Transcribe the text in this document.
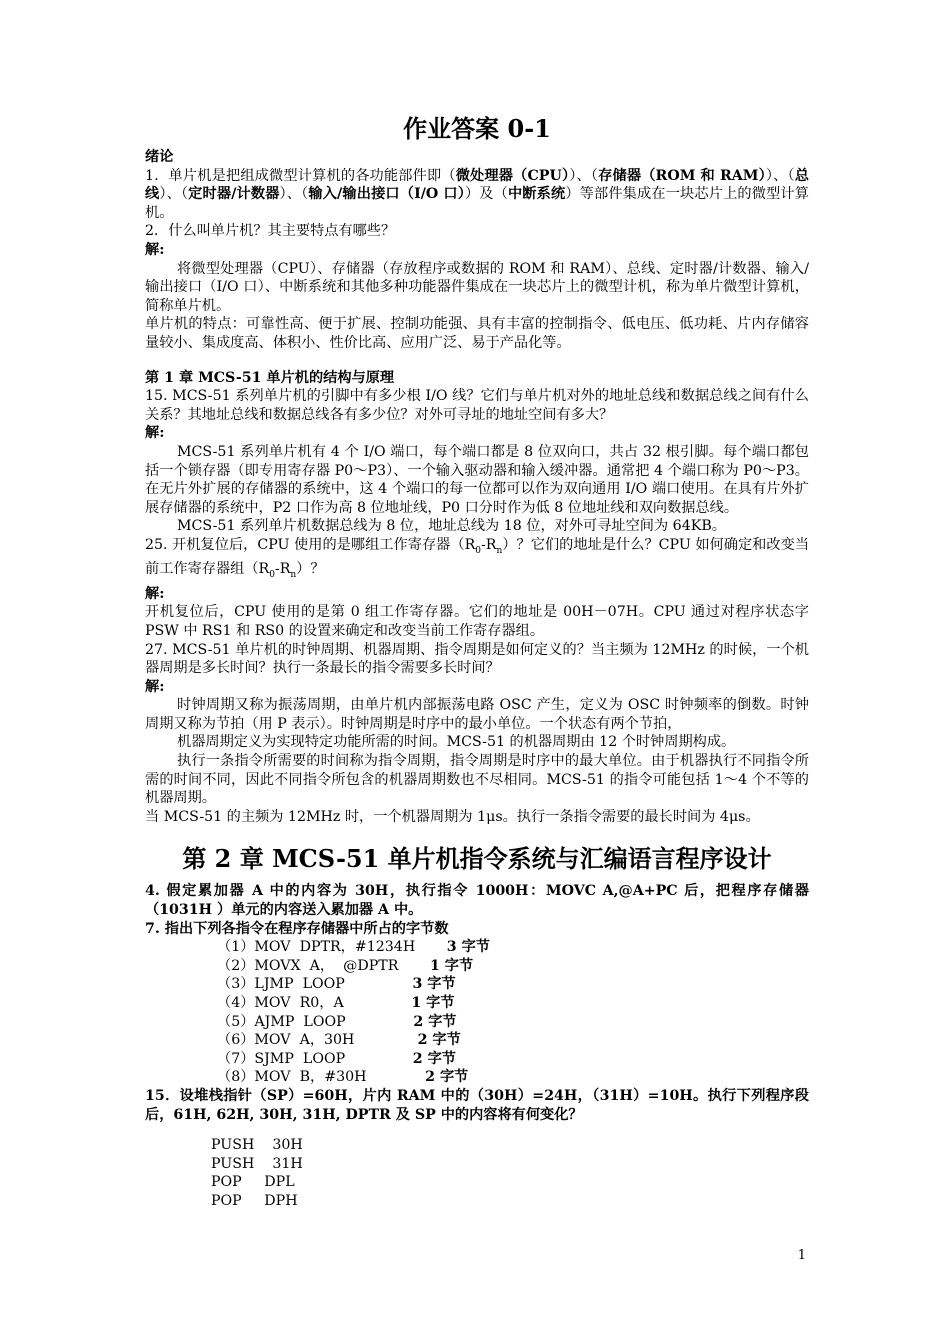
作业答案 0-1
绪论

1．单片机是把组成微型计算机的各功能部件即（微处理器（CPU））、（存储器（ROM 和 RAM））、（总线）、（定时器/计数器）、（输入/输出接口（I/O 口））及（中断系统）等部件集成在一块芯片上的微型计算机。

2．什么叫单片机？其主要特点有哪些？

解:

将微型处理器（CPU）、存储器（存放程序或数据的 ROM 和 RAM）、总线、定时器/计数器、输入/输出接口（I/O 口）、中断系统和其他多种功能器件集成在一块芯片上的微型计机，称为单片微型计算机，简称单片机。

单片机的特点：可靠性高、便于扩展、控制功能强、具有丰富的控制指令、低电压、低功耗、片内存储容量较小、集成度高、体积小、性价比高、应用广泛、易于产品化等。

第 1 章 MCS-51 单片机的结构与原理

15. MCS-51 系列单片机的引脚中有多少根 I/O 线？它们与单片机对外的地址总线和数据总线之间有什么关系？其地址总线和数据总线各有多少位？对外可寻址的地址空间有多大？

解:

MCS-51 系列单片机有 4 个 I/O 端口，每个端口都是 8 位双向口，共占 32 根引脚。每个端口都包括一个锁存器（即专用寄存器 P0～P3）、一个输入驱动器和输入缓冲器。通常把 4 个端口称为 P0～P3。在无片外扩展的存储器的系统中，这 4 个端口的每一位都可以作为双向通用 I/O 端口使用。在具有片外扩展存储器的系统中，P2 口作为高 8 位地址线，P0 口分时作为低 8 位地址线和双向数据总线。

MCS-51 系列单片机数据总线为 8 位，地址总线为 18 位，对外可寻址空间为 64KB。

25. 开机复位后，CPU 使用的是哪组工作寄存器$(R_0-R_n)$？它们的地址是什么？CPU 如何确定和改变当前工作寄存器组$(R_0-R_n)$？

解:

开机复位后，CPU 使用的是第 0 组工作寄存器。它们的地址是 00H－07H。CPU 通过对程序状态字 PSW 中 RS1 和 RS0 的设置来确定和改变当前工作寄存器组。

27. MCS-51 单片机的时钟周期、机器周期、指令周期是如何定义的？当主频为 12MHz 的时候，一个机器周期是多长时间？执行一条最长的指令需要多长时间？

解:

时钟周期又称为振荡周期，由单片机内部振荡电路 OSC 产生，定义为 OSC 时钟频率的倒数。时钟周期又称为节拍（用 P 表示）。时钟周期是时序中的最小单位。一个状态有两个节拍，

机器周期定义为实现特定功能所需的时间。MCS-51 的机器周期由 12 个时钟周期构成。

执行一条指令所需要的时间称为指令周期，指令周期是时序中的最大单位。由于机器执行不同指令所需的时间不同，因此不同指令所包含的机器周期数也不尽相同。MCS-51 的指令可能包括 1～4 个不等的机器周期。

当 MCS-51 的主频为 12MHz 时，一个机器周期为 1μs。执行一条指令需要的最长时间为 4μs。

第 2 章 MCS-51 单片机指令系统与汇编语言程序设计

4. 假定累加器 A 中的内容为 30H，执行指令 1000H：MOVC A,@A+PC 后，把程序存储器（1031H ）单元的内容送入累加器 A 中。

7. 指出下列各指令在程序存储器中所占的字节数

（1）MOV  DPTR，#1234H       3 字节
（2）MOVX  A，  @DPTR       1 字节
（3）LJMP  LOOP               3 字节
（4）MOV  R0，A               1 字节
（5）AJMP  LOOP               2 字节
（6）MOV  A，30H              2 字节
（7）SJMP  LOOP               2 字节
（8）MOV  B，#30H             2 字节

15．设堆栈指针（SP）=60H，片内 RAM 中的（30H）=24H，（31H）=10H。执行下列程序段后，61H, 62H, 30H, 31H, DPTR 及 SP 中的内容将有何变化？

PUSH    30H
PUSH    31H
POP     DPL
POP     DPH
1
